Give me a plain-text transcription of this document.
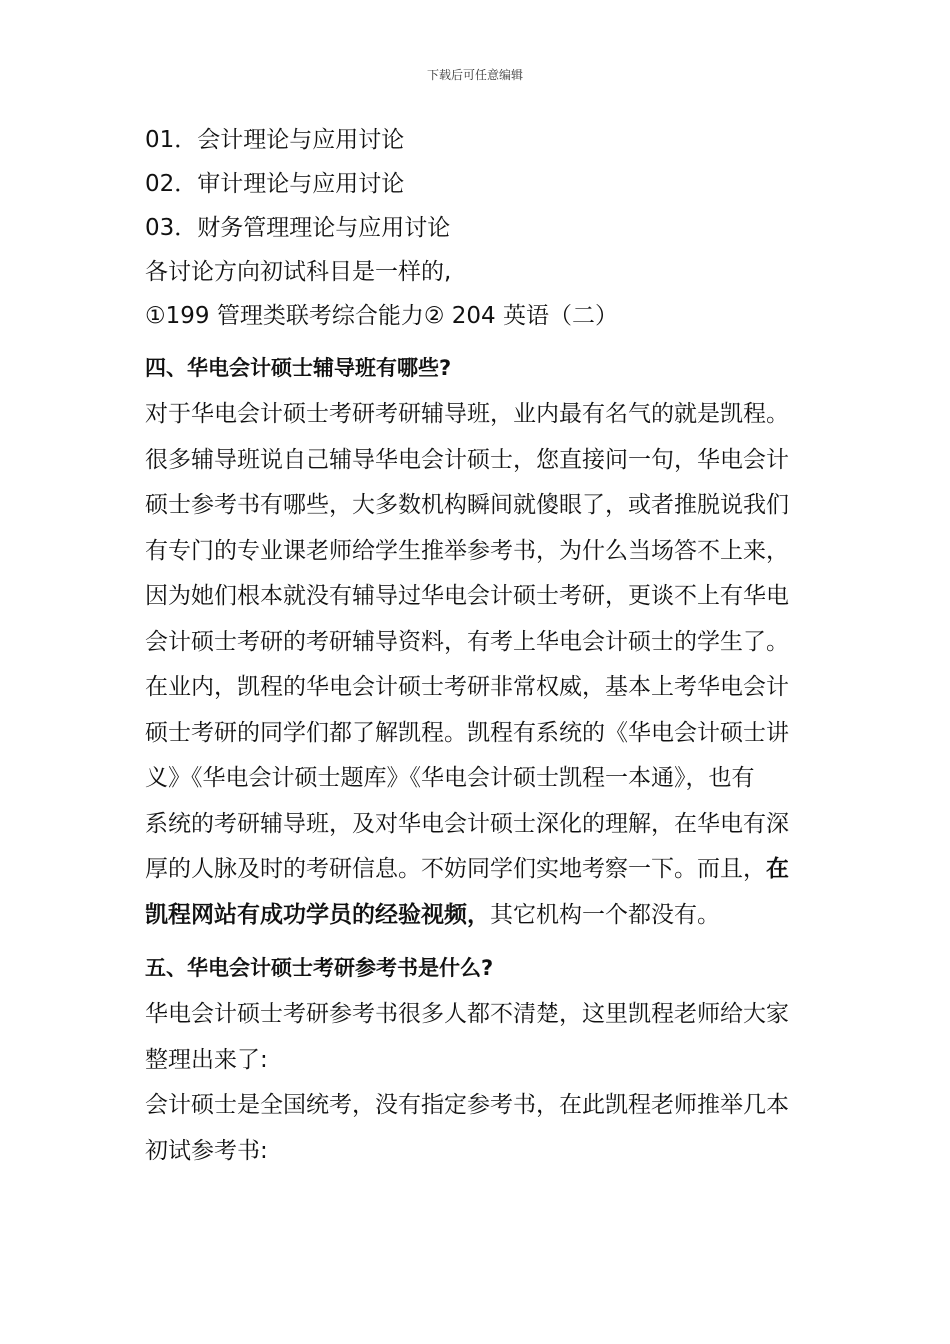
下载后可任意编辑
01．会计理论与应用讨论
02．审计理论与应用讨论
03．财务管理理论与应用讨论
各讨论方向初试科目是一样的,
①199 管理类联考综合能力② 204 英语（二）
四、华电会计硕士辅导班有哪些?
对于华电会计硕士考研考研辅导班，业内最有名气的就是凯程。
很多辅导班说自己辅导华电会计硕士，您直接问一句，华电会计
硕士参考书有哪些，大多数机构瞬间就傻眼了，或者推脱说我们
有专门的专业课老师给学生推举参考书，为什么当场答不上来，
因为她们根本就没有辅导过华电会计硕士考研，更谈不上有华电
会计硕士考研的考研辅导资料，有考上华电会计硕士的学生了。
在业内，凯程的华电会计硕士考研非常权威，基本上考华电会计
硕士考研的同学们都了解凯程。凯程有系统的《华电会计硕士讲
义》《华电会计硕士题库》《华电会计硕士凯程一本通》，也有
系统的考研辅导班，及对华电会计硕士深化的理解，在华电有深
厚的人脉及时的考研信息。不妨同学们实地考察一下。而且，在
凯程网站有成功学员的经验视频，其它机构一个都没有。
五、华电会计硕士考研参考书是什么?
华电会计硕士考研参考书很多人都不清楚，这里凯程老师给大家
整理出来了:
会计硕士是全国统考，没有指定参考书，在此凯程老师推举几本
初试参考书:
